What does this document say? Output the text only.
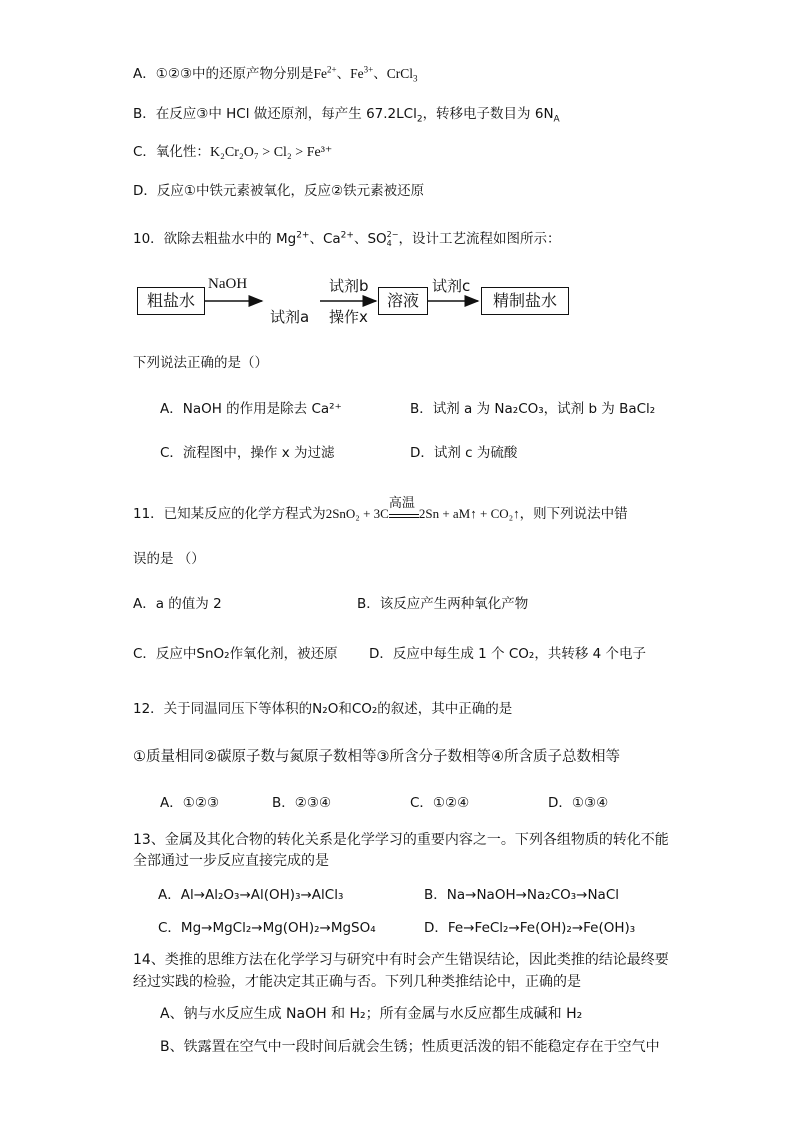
A．①②③中的还原产物分别是$Fe^{2+}$、$Fe^{3+}$、CrCl$_3$
B．在反应③中 HCl 做还原剂，每产生 67.2LCl$_2$，转移电子数目为 $6N_A$
C．氧化性：K₂Cr₂O₇ > Cl₂ > Fe³⁺
D．反应①中铁元素被氧化，反应②铁元素被还原
10．欲除去粗盐水中的 $Mg^{2+}$、$Ca^{2+}$、SO 2−
4 ，设计工艺流程如图所示：
粗盐水
NaOH
试剂a
试剂b
操作x
溶液
试剂c
精制盐水
下列说法正确的是（）
A．NaOH 的作用是除去 Ca²⁺	B．试剂 a 为 Na₂CO₃，试剂 b 为 BaCl₂
C．流程图中，操作 x 为过滤	D．试剂 c 为硫酸
11．已知某反应的化学方程式为2SnO₂ + 3C
高温
2Sn + aM↑ + CO₂↑，则下列说法中错
误的是 （）
A．a 的值为 2	B．该反应产生两种氧化产物
C．反应中SnO₂作氧化剂，被还原 D．反应中每生成 1 个 CO₂，共转移 4 个电子
12．关于同温同压下等体积的N₂O和CO₂的叙述，其中正确的是
①质量相同②碳原子数与氮原子数相等③所含分子数相等④所含质子总数相等
A．①②③	B．②③④	C．①②④	D．①③④
13、金属及其化合物的转化关系是化学学习的重要内容之一。下列各组物质的转化不能
全部通过一步反应直接完成的是
A．Al→Al₂O₃→Al(OH)₃→AlCl₃	B．Na→NaOH→Na₂CO₃→NaCl
C．Mg→MgCl₂→Mg(OH)₂→MgSO₄	D．Fe→FeCl₂→Fe(OH)₂→Fe(OH)₃
14、类推的思维方法在化学学习与研究中有时会产生错误结论，因此类推的结论最终要
经过实践的检验，才能决定其正确与否。下列几种类推结论中，正确的是
A、钠与水反应生成 NaOH 和 H₂；所有金属与水反应都生成碱和 H₂
B、铁露置在空气中一段时间后就会生锈；性质更活泼的铝不能稳定存在于空气中
